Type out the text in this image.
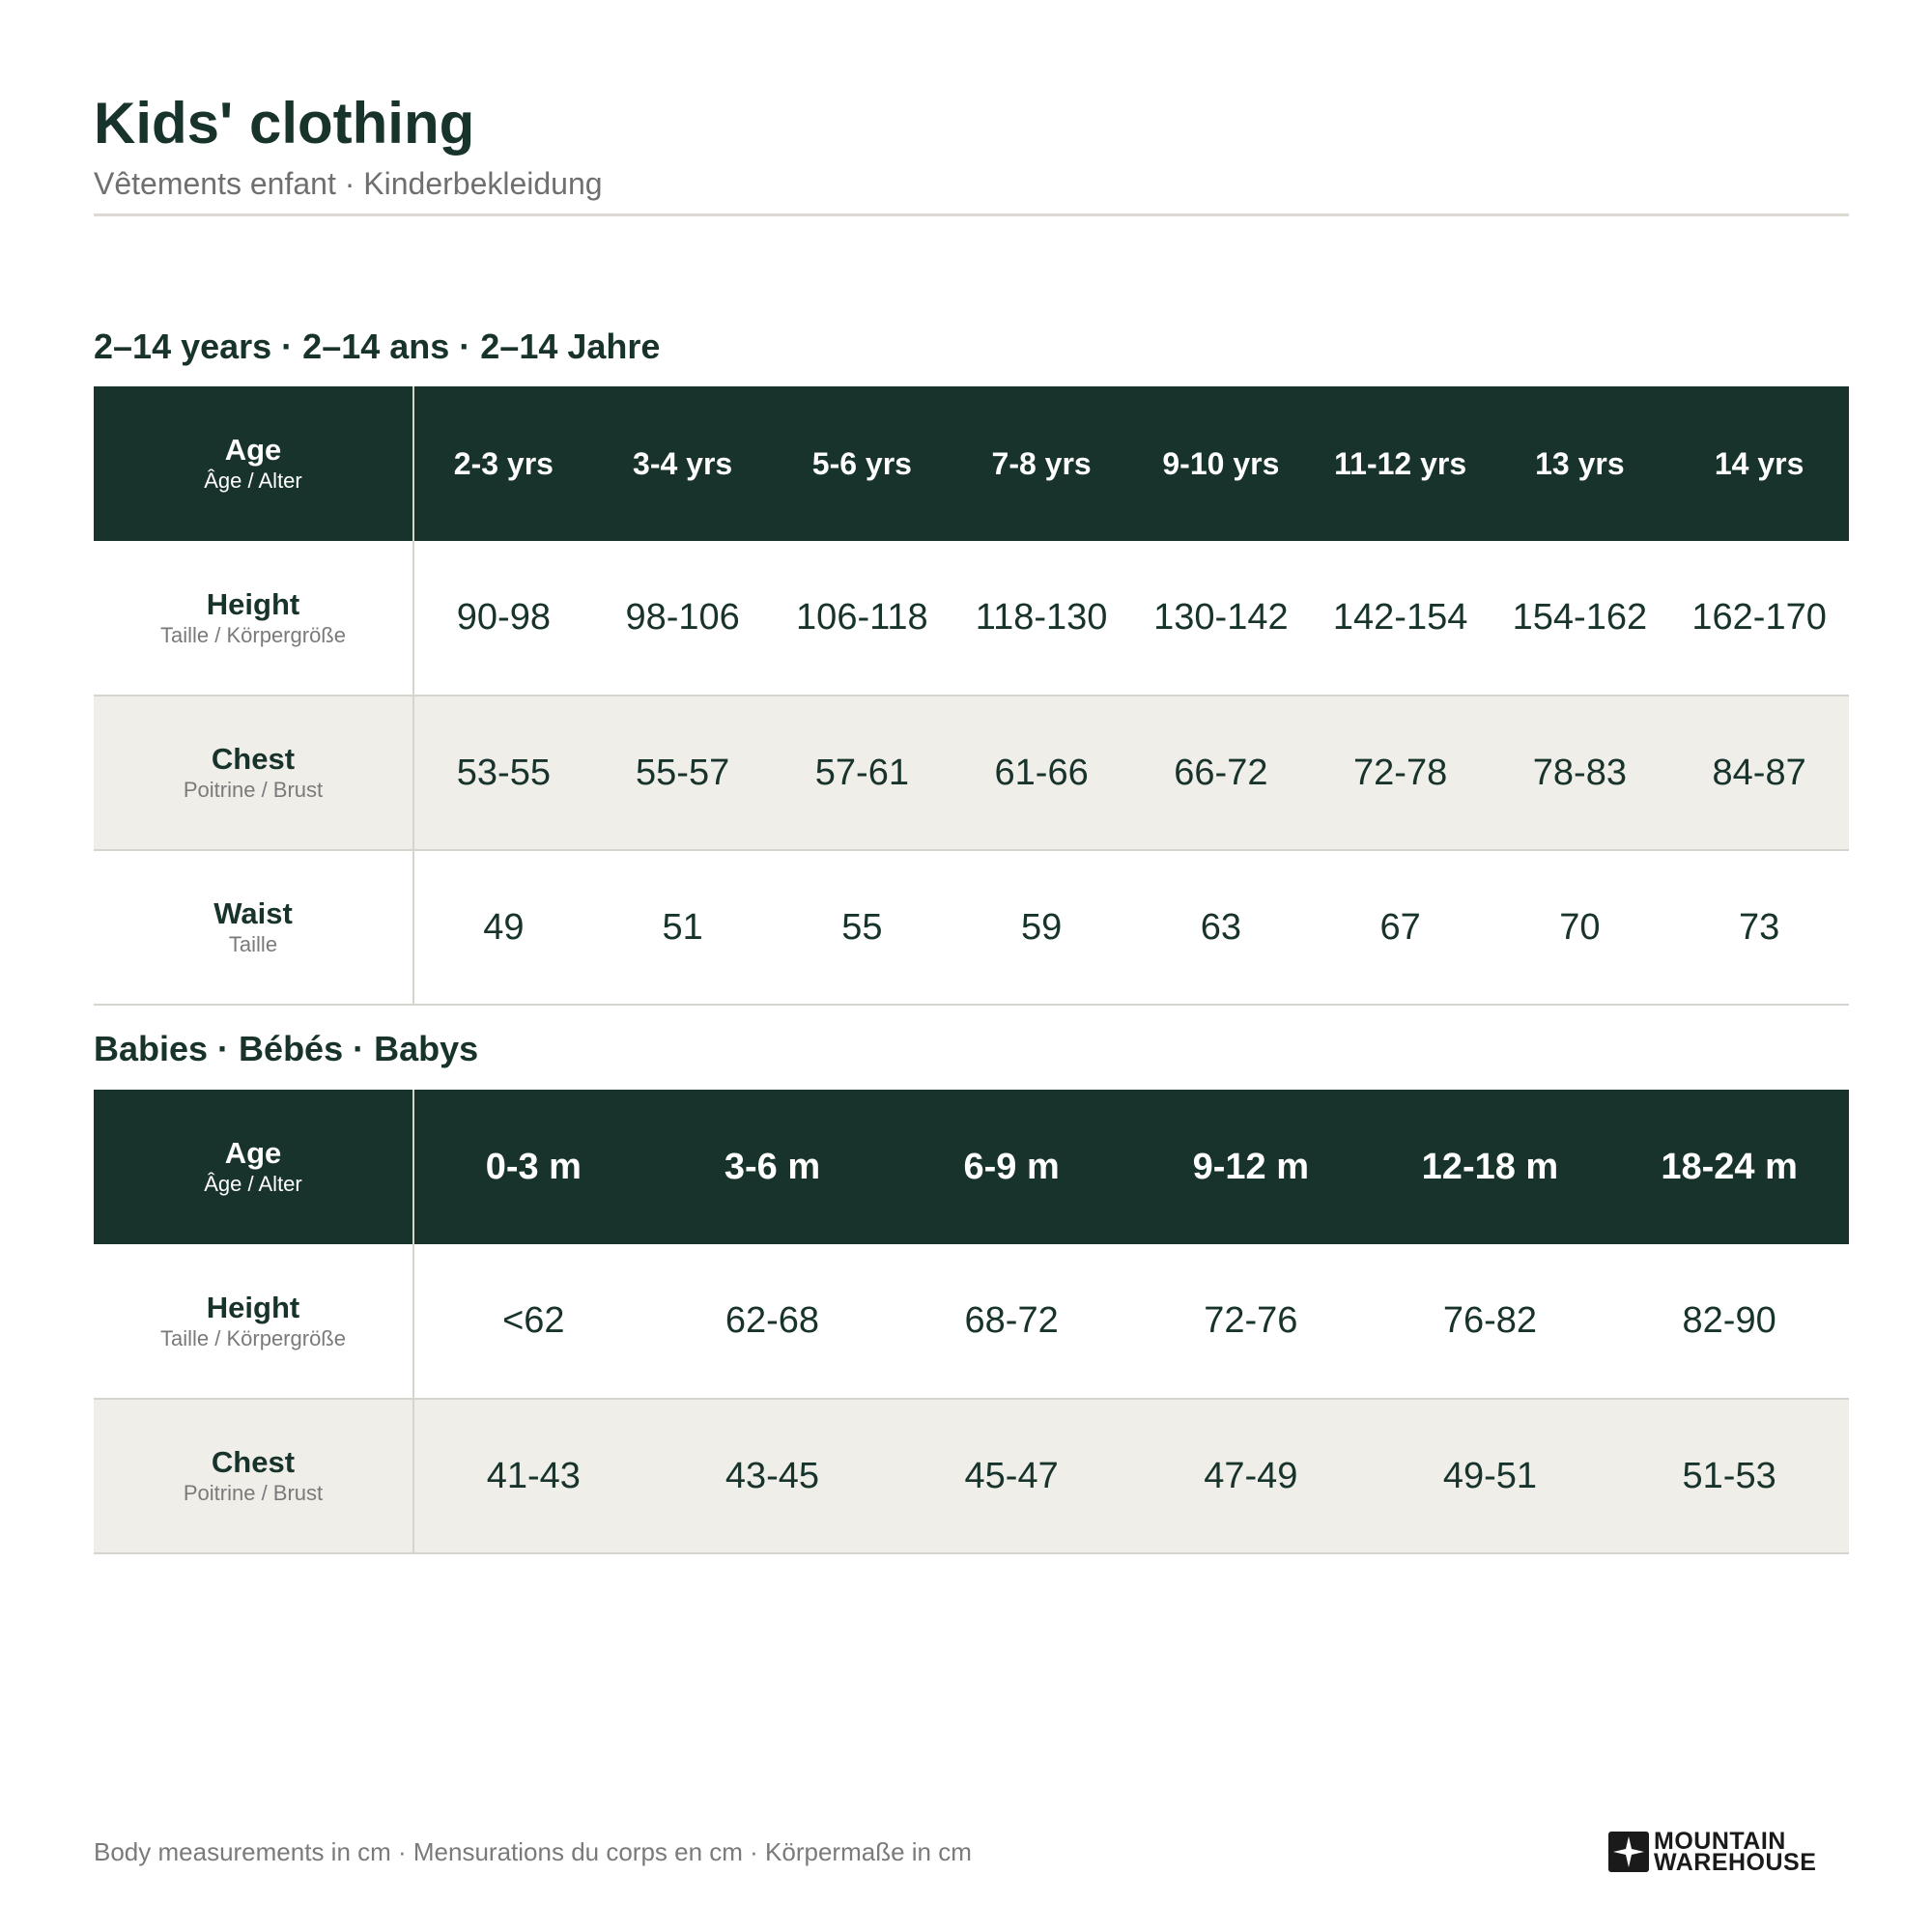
Kids' clothing

Vêtements enfant · Kinderbekleidung

2–14 years · 2–14 ans · 2–14 Jahre
Age
Âge / Alter	2-3 yrs	3-4 yrs	5-6 yrs	7-8 yrs	9-10 yrs	11-12 yrs	13 yrs	14 yrs

Height
Taille / Körpergröße	90-98	98-106	106-118	118-130	130-142	142-154	154-162	162-170

Chest
Poitrine / Brust	53-55	55-57	57-61	61-66	66-72	72-78	78-83	84-87

Waist
Taille	49	51	55	59	63	67	70	73
Babies · Bébés · Babys
Age
Âge / Alter	0-3 m	3-6 m	6-9 m	9-12 m	12-18 m	18-24 m

Height
Taille / Körpergröße	<62	62-68	68-72	72-76	76-82	82-90

Chest
Poitrine / Brust	41-43	43-45	45-47	47-49	49-51	51-53

Body measurements in cm · Mensurations du corps en cm · Körpermaße in cm	MOUNTAIN
WAREHOUSE
